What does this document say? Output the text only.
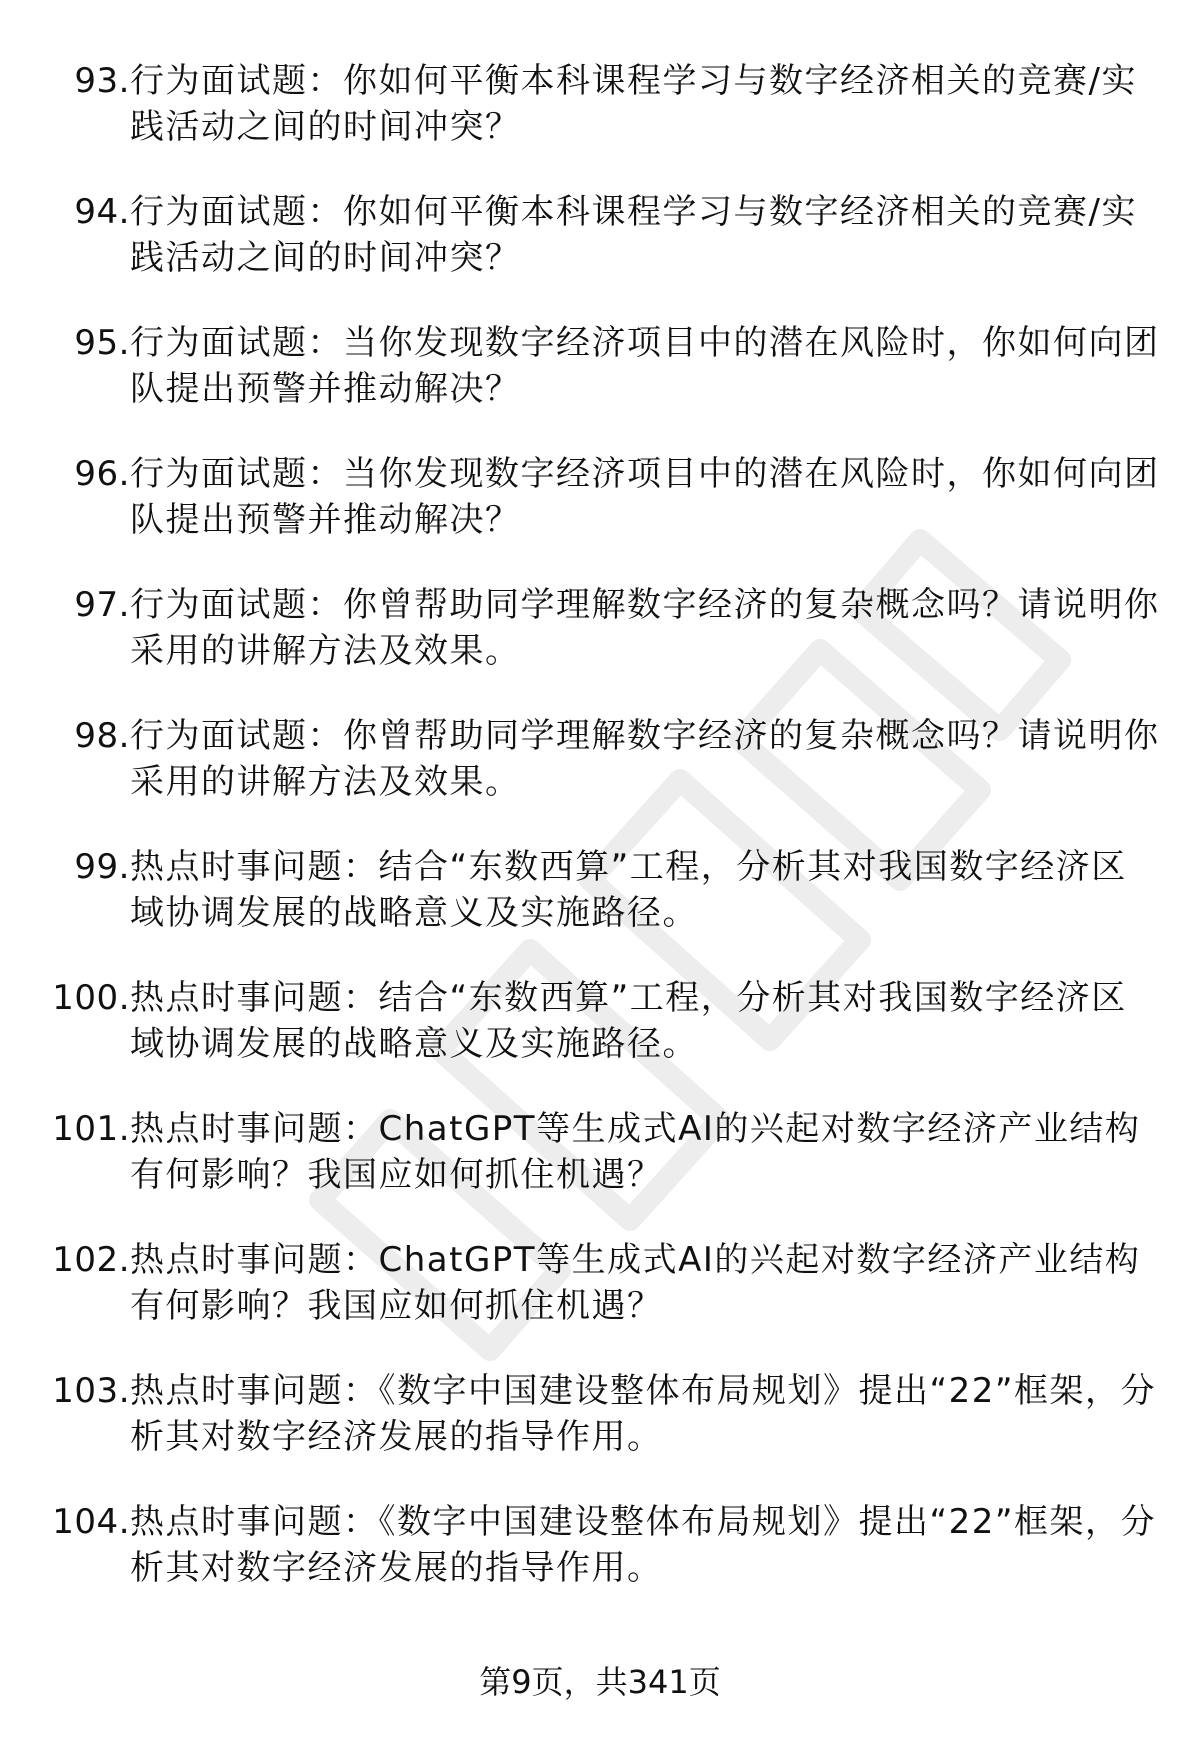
93. 行为面试题：你如何平衡本科课程学习与数字经济相关的竞赛/实践活动之间的时间冲突？
94. 行为面试题：你如何平衡本科课程学习与数字经济相关的竞赛/实践活动之间的时间冲突？
95. 行为面试题：当你发现数字经济项目中的潜在风险时，你如何向团队提出预警并推动解决？
96. 行为面试题：当你发现数字经济项目中的潜在风险时，你如何向团队提出预警并推动解决？
97. 行为面试题：你曾帮助同学理解数字经济的复杂概念吗？请说明你采用的讲解方法及效果。
98. 行为面试题：你曾帮助同学理解数字经济的复杂概念吗？请说明你采用的讲解方法及效果。
99. 热点时事问题：结合“东数西算”工程，分析其对我国数字经济区域协调发展的战略意义及实施路径。
100. 热点时事问题：结合“东数西算”工程，分析其对我国数字经济区域协调发展的战略意义及实施路径。
101. 热点时事问题：ChatGPT等生成式AI的兴起对数字经济产业结构有何影响？我国应如何抓住机遇？
102. 热点时事问题：ChatGPT等生成式AI的兴起对数字经济产业结构有何影响？我国应如何抓住机遇？
103. 热点时事问题：《数字中国建设整体布局规划》提出“22”框架，分析其对数字经济发展的指导作用。
104. 热点时事问题：《数字中国建设整体布局规划》提出“22”框架，分析其对数字经济发展的指导作用。
第9页，共341页
